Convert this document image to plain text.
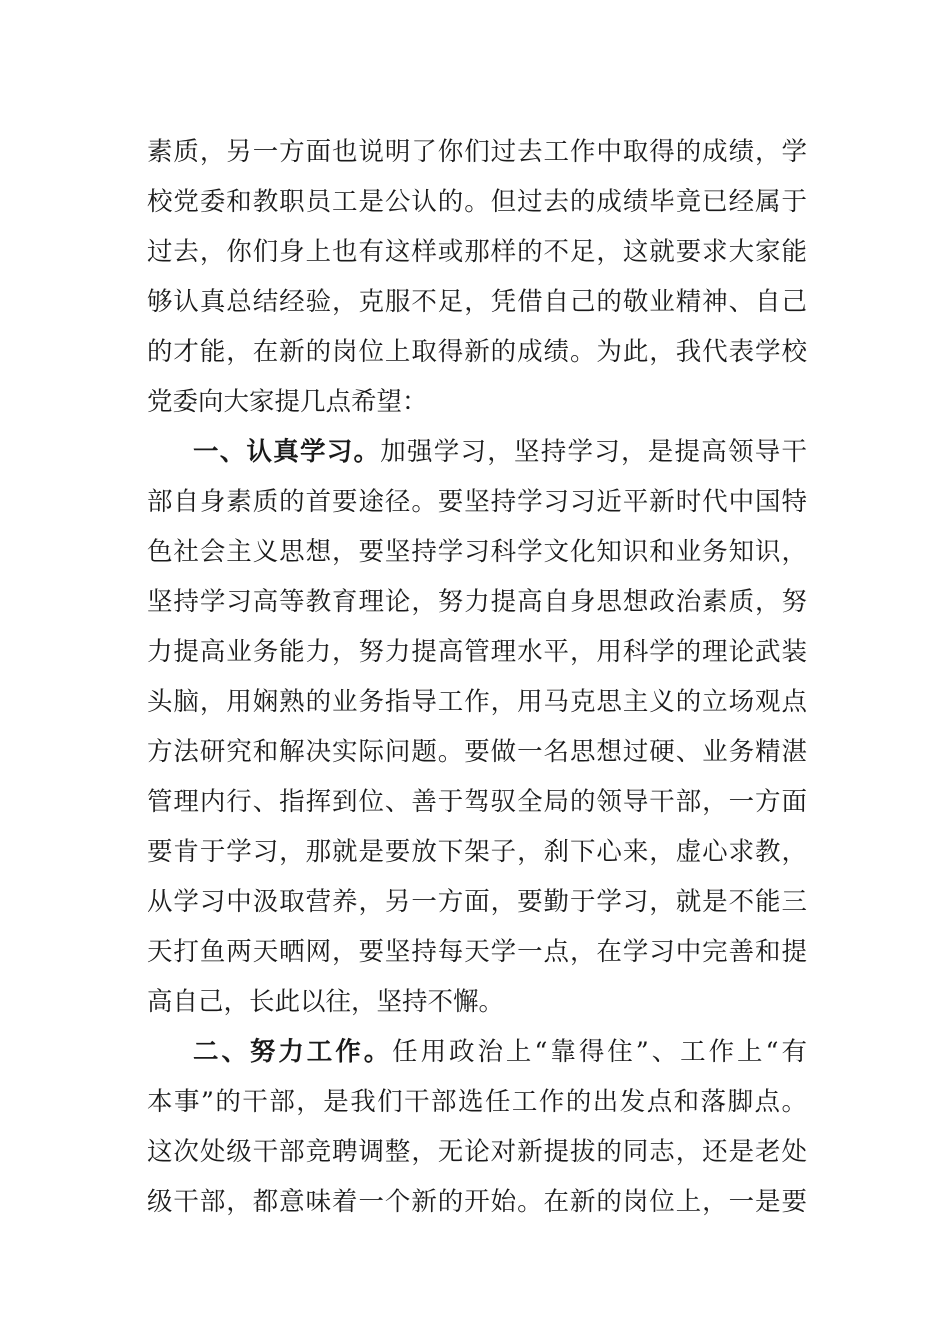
素质，另一方面也说明了你们过去工作中取得的成绩，学
校党委和教职员工是公认的。但过去的成绩毕竟已经属于
过去，你们身上也有这样或那样的不足，这就要求大家能
够认真总结经验，克服不足，凭借自己的敬业精神、自己
的才能，在新的岗位上取得新的成绩。为此，我代表学校
党委向大家提几点希望：
一、认真学习。加强学习，坚持学习，是提高领导干
部自身素质的首要途径。要坚持学习习近平新时代中国特
色社会主义思想，要坚持学习科学文化知识和业务知识，
坚持学习高等教育理论，努力提高自身思想政治素质，努
力提高业务能力，努力提高管理水平，用科学的理论武装
头脑，用娴熟的业务指导工作，用马克思主义的立场观点
方法研究和解决实际问题。要做一名思想过硬、业务精湛
管理内行、指挥到位、善于驾驭全局的领导干部，一方面
要肯于学习，那就是要放下架子，刹下心来，虚心求教，
从学习中汲取营养，另一方面，要勤于学习，就是不能三
天打鱼两天晒网，要坚持每天学一点，在学习中完善和提
高自己，长此以往，坚持不懈。
二、努力工作。任用政治上“靠得住”、工作上“有
本事”的干部，是我们干部选任工作的出发点和落脚点。
这次处级干部竞聘调整，无论对新提拔的同志，还是老处
级干部，都意味着一个新的开始。在新的岗位上，一是要
